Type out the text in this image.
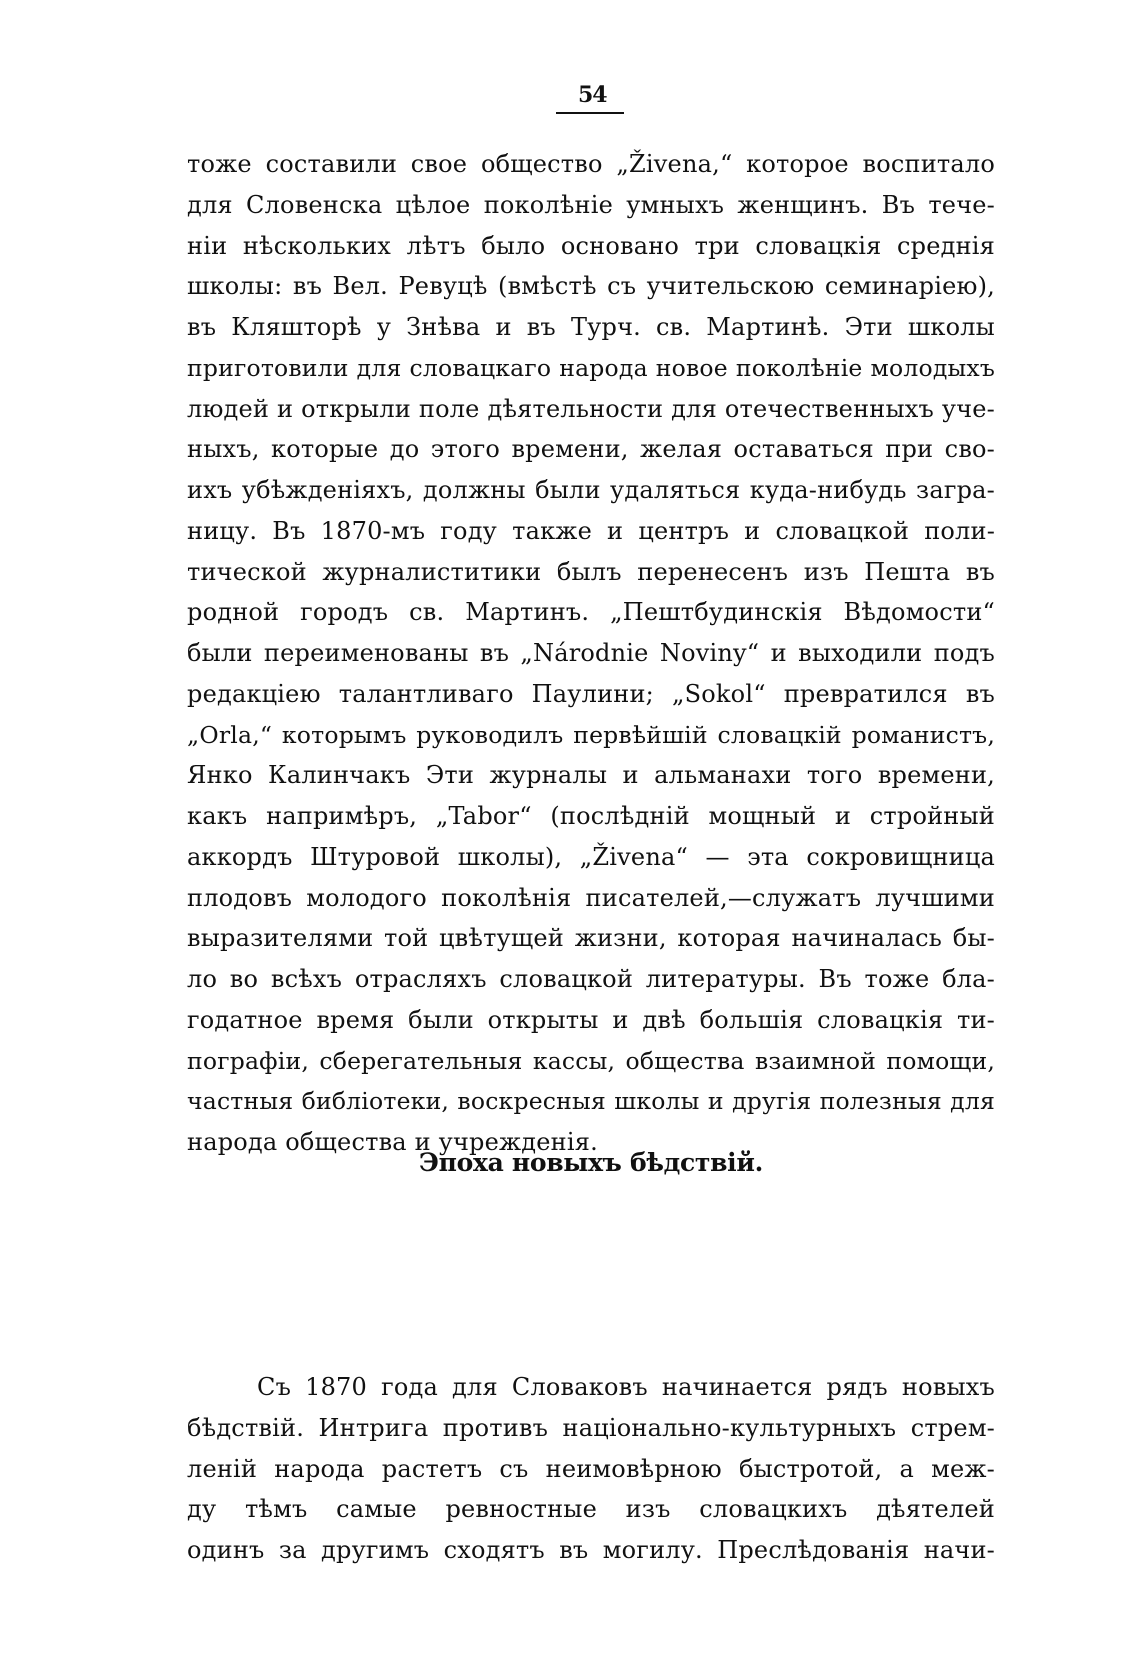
54
тоже составили свое общество „Živena,“ которое воспитало
для Словенска цѣлое поколѣніе умныхъ женщинъ. Въ тече-
ніи нѣскольких лѣтъ было основано три словацкія среднія
школы: въ Вел. Ревуцѣ (вмѣстѣ съ учительскою семинаріею),
въ Кляшторѣ у Знѣва и въ Турч. св. Мартинѣ. Эти школы
приготовили для словацкаго народа новое поколѣніе молодыхъ
людей и открыли поле дѣятельности для отечественныхъ уче-
ныхъ, которые до этого времени, желая оставаться при сво-
ихъ убѣжденіяхъ, должны были удаляться куда-нибудь загра-
ницу. Въ 1870-мъ году также и центръ и словацкой поли-
тической журналиститики былъ перенесенъ изъ Пешта въ
родной городъ св. Мартинъ. „Пештбудинскія Вѣдомости“
были переименованы въ „Národnie Noviny“ и выходили подъ
редакціею талантливаго Паулини; „Sokol“ превратился въ
„Orla,“ которымъ руководилъ первѣйшій словацкій романистъ,
Янко Калинчакъ Эти журналы и альманахи того времени,
какъ напримѣръ, „Tabor“ (послѣдній мощный и стройный
аккордъ Штуровой школы), „Živena“ — эта сокровищница
плодовъ молодого поколѣнія писателей,—служатъ лучшими
выразителями той цвѣтущей жизни, которая начиналась бы-
ло во всѣхъ отрасляхъ словацкой литературы. Въ тоже бла-
годатное время были открыты и двѣ большія словацкія ти-
пографіи, сберегательныя кассы, общества взаимной помощи,
частныя библіотеки, воскресныя школы и другія полезныя для
народа общества и учрежденія.
Эпоха новыхъ бѣдствій.
Съ 1870 года для Словаковъ начинается рядъ новыхъ
бѣдствій. Интрига противъ національно-культурныхъ стрем-
леній народа растетъ съ неимовѣрною быстротой, а меж-
ду тѣмъ самые ревностные изъ словацкихъ дѣятелей
одинъ за другимъ сходятъ въ могилу. Преслѣдованія начи-
